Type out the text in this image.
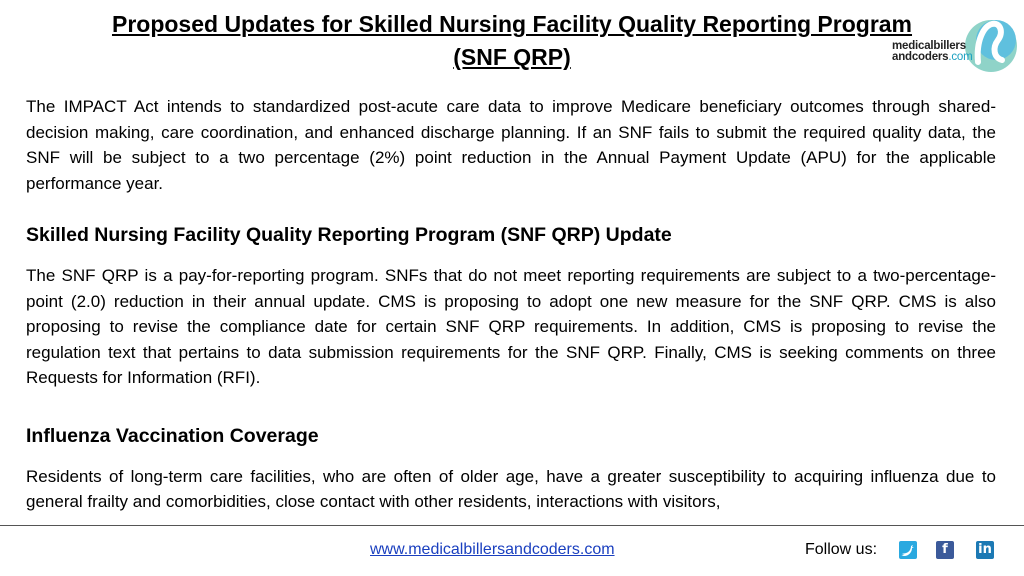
Proposed Updates for Skilled Nursing Facility Quality Reporting Program (SNF QRP)	medicalbillers
andcoders.com

The IMPACT Act intends to standardized post-acute care data to improve Medicare beneficiary outcomes through shared-decision making, care coordination, and enhanced discharge planning. If an SNF fails to submit the required quality data, the SNF will be subject to a two percentage (2%) point reduction in the Annual Payment Update (APU) for the applicable performance year.

Skilled Nursing Facility Quality Reporting Program (SNF QRP) Update

The SNF QRP is a pay-for-reporting program. SNFs that do not meet reporting requirements are subject to a two-percentage-point (2.0) reduction in their annual update. CMS is proposing to adopt one new measure for the SNF QRP. CMS is also proposing to revise the compliance date for certain SNF QRP requirements. In addition, CMS is proposing to revise the regulation text that pertains to data submission requirements for the SNF QRP. Finally, CMS is seeking comments on three Requests for Information (RFI).

Influenza Vaccination Coverage

Residents of long-term care facilities, who are often of older age, have a greater susceptibility to acquiring influenza due to general frailty and comorbidities, close contact with other residents, interactions with visitors,

www.medicalbillersandcoders.com	Follow us:	f	in
